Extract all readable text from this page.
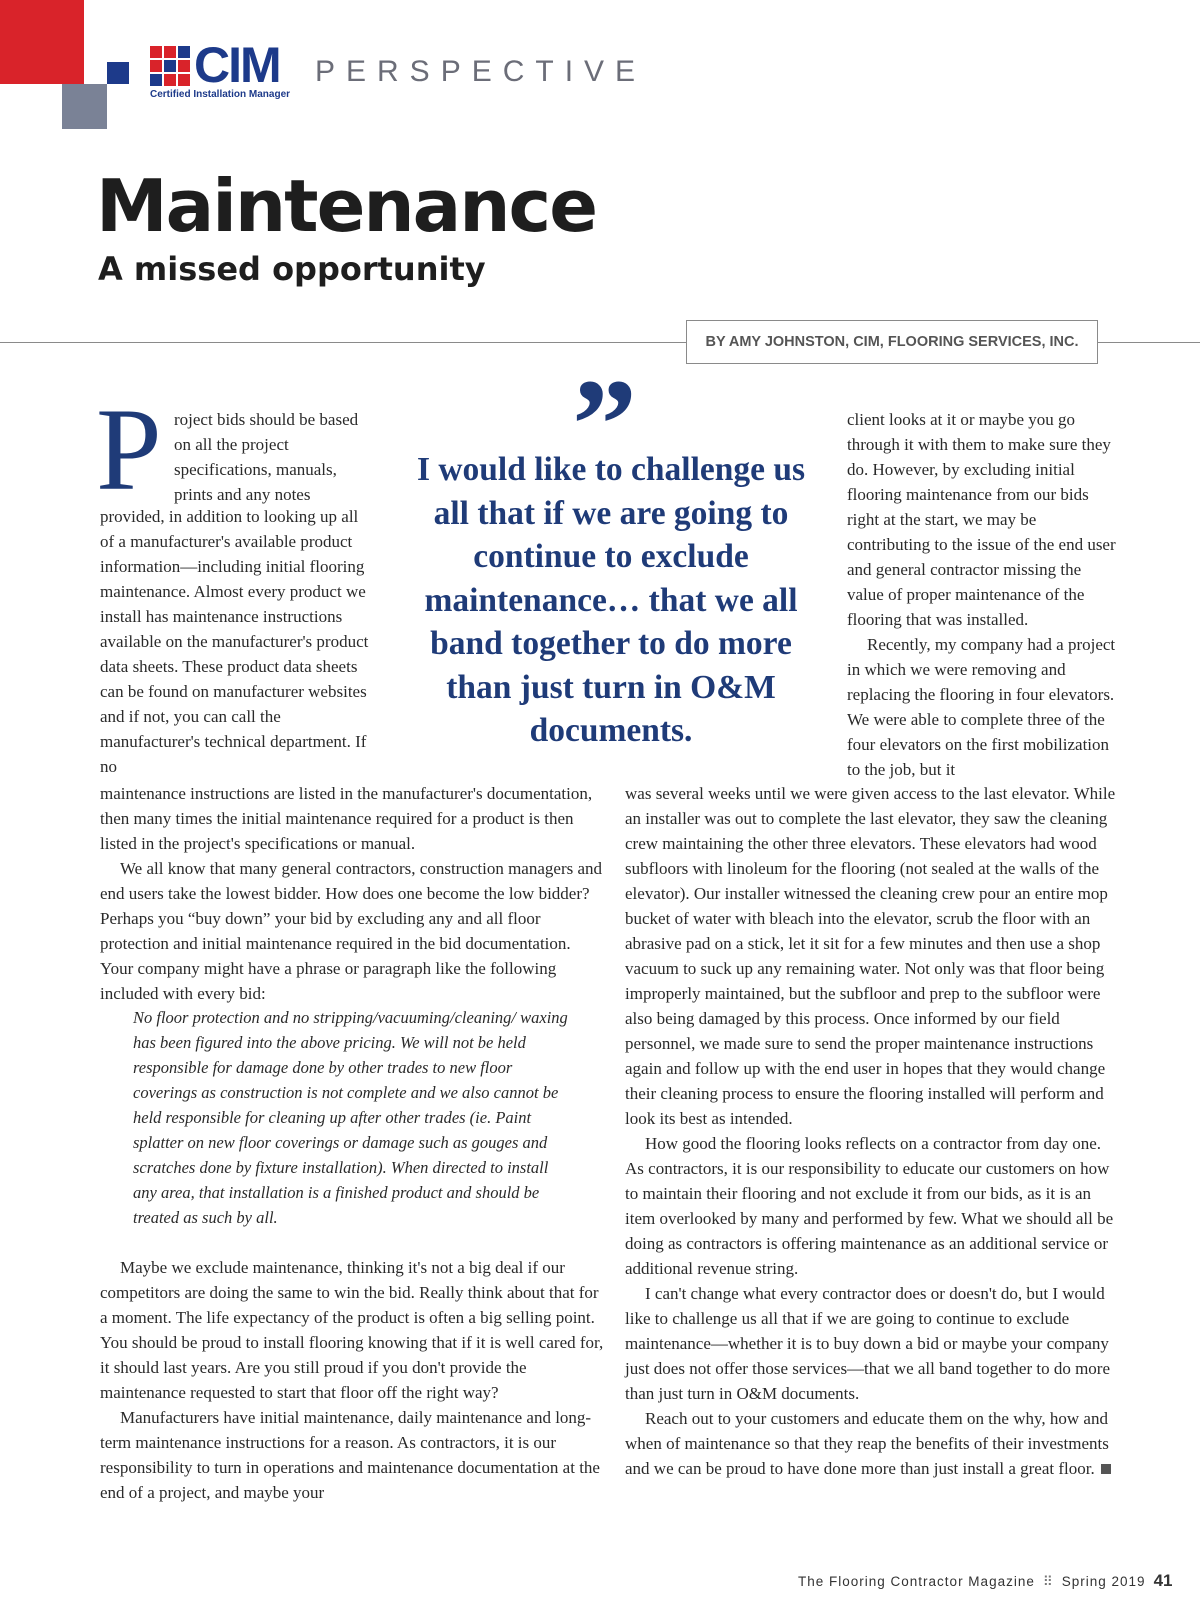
CIM
Certified Installation Manager
PERSPECTIVE
Maintenance
A missed opportunity
BY AMY JOHNSTON, CIM, FLOORING SERVICES, INC.
P roject bids should be based on all the project specifications, manuals, prints and any notes

provided, in addition to looking up all of a manufacturer's available product information—including initial flooring maintenance. Almost every product we install has maintenance instructions available on the manufacturer's product data sheets. These product data sheets can be found on manufacturer websites and if not, you can call the manufacturer's technical department. If no

maintenance instructions are listed in the manufacturer's documentation, then many times the initial maintenance required for a product is then listed in the project's specifications or manual.

We all know that many general contractors, construction managers and end users take the lowest bidder. How does one become the low bidder? Perhaps you “buy down” your bid by excluding any and all floor protection and initial maintenance required in the bid documentation. Your company might have a phrase or paragraph like the following included with every bid:

No floor protection and no stripping/vacuuming/cleaning/ waxing has been figured into the above pricing. We will not be held responsible for damage done by other trades to new floor coverings as construction is not complete and we also cannot be held responsible for cleaning up after other trades (ie. Paint splatter on new floor coverings or damage such as gouges and scratches done by fixture installation). When directed to install any area, that installation is a finished product and should be treated as such by all.

Maybe we exclude maintenance, thinking it's not a big deal if our competitors are doing the same to win the bid. Really think about that for a moment. The life expectancy of the product is often a big selling point. You should be proud to install flooring knowing that if it is well cared for, it should last years. Are you still proud if you don't provide the maintenance requested to start that floor off the right way?

Manufacturers have initial maintenance, daily maintenance and long-term maintenance instructions for a reason. As contractors, it is our responsibility to turn in operations and maintenance documentation at the end of a project, and maybe your

”
I would like to challenge us all that if we are going to continue to exclude maintenance… that we all band together to do more than just turn in O&M documents.

client looks at it or maybe you go through it with them to make sure they do. However, by excluding initial flooring maintenance from our bids right at the start, we may be contributing to the issue of the end user and general contractor missing the value of proper maintenance of the flooring that was installed.

Recently, my company had a project in which we were removing and replacing the flooring in four elevators. We were able to complete three of the four elevators on the first mobilization to the job, but it

was several weeks until we were given access to the last elevator. While an installer was out to complete the last elevator, they saw the cleaning crew maintaining the other three elevators. These elevators had wood subfloors with linoleum for the flooring (not sealed at the walls of the elevator). Our installer witnessed the cleaning crew pour an entire mop bucket of water with bleach into the elevator, scrub the floor with an abrasive pad on a stick, let it sit for a few minutes and then use a shop vacuum to suck up any remaining water. Not only was that floor being improperly maintained, but the subfloor and prep to the subfloor were also being damaged by this process. Once informed by our field personnel, we made sure to send the proper maintenance instructions again and follow up with the end user in hopes that they would change their cleaning process to ensure the flooring installed will perform and look its best as intended.

How good the flooring looks reflects on a contractor from day one. As contractors, it is our responsibility to educate our customers on how to maintain their flooring and not exclude it from our bids, as it is an item overlooked by many and performed by few. What we should all be doing as contractors is offering maintenance as an additional service or additional revenue string.

I can't change what every contractor does or doesn't do, but I would like to challenge us all that if we are going to continue to exclude maintenance—whether it is to buy down a bid or maybe your company just does not offer those services—that we all band together to do more than just turn in O&M documents.

Reach out to your customers and educate them on the why, how and when of maintenance so that they reap the benefits of their investments and we can be proud to have done more than just install a great floor.

The Flooring Contractor Magazine ⠿ Spring 2019 41
